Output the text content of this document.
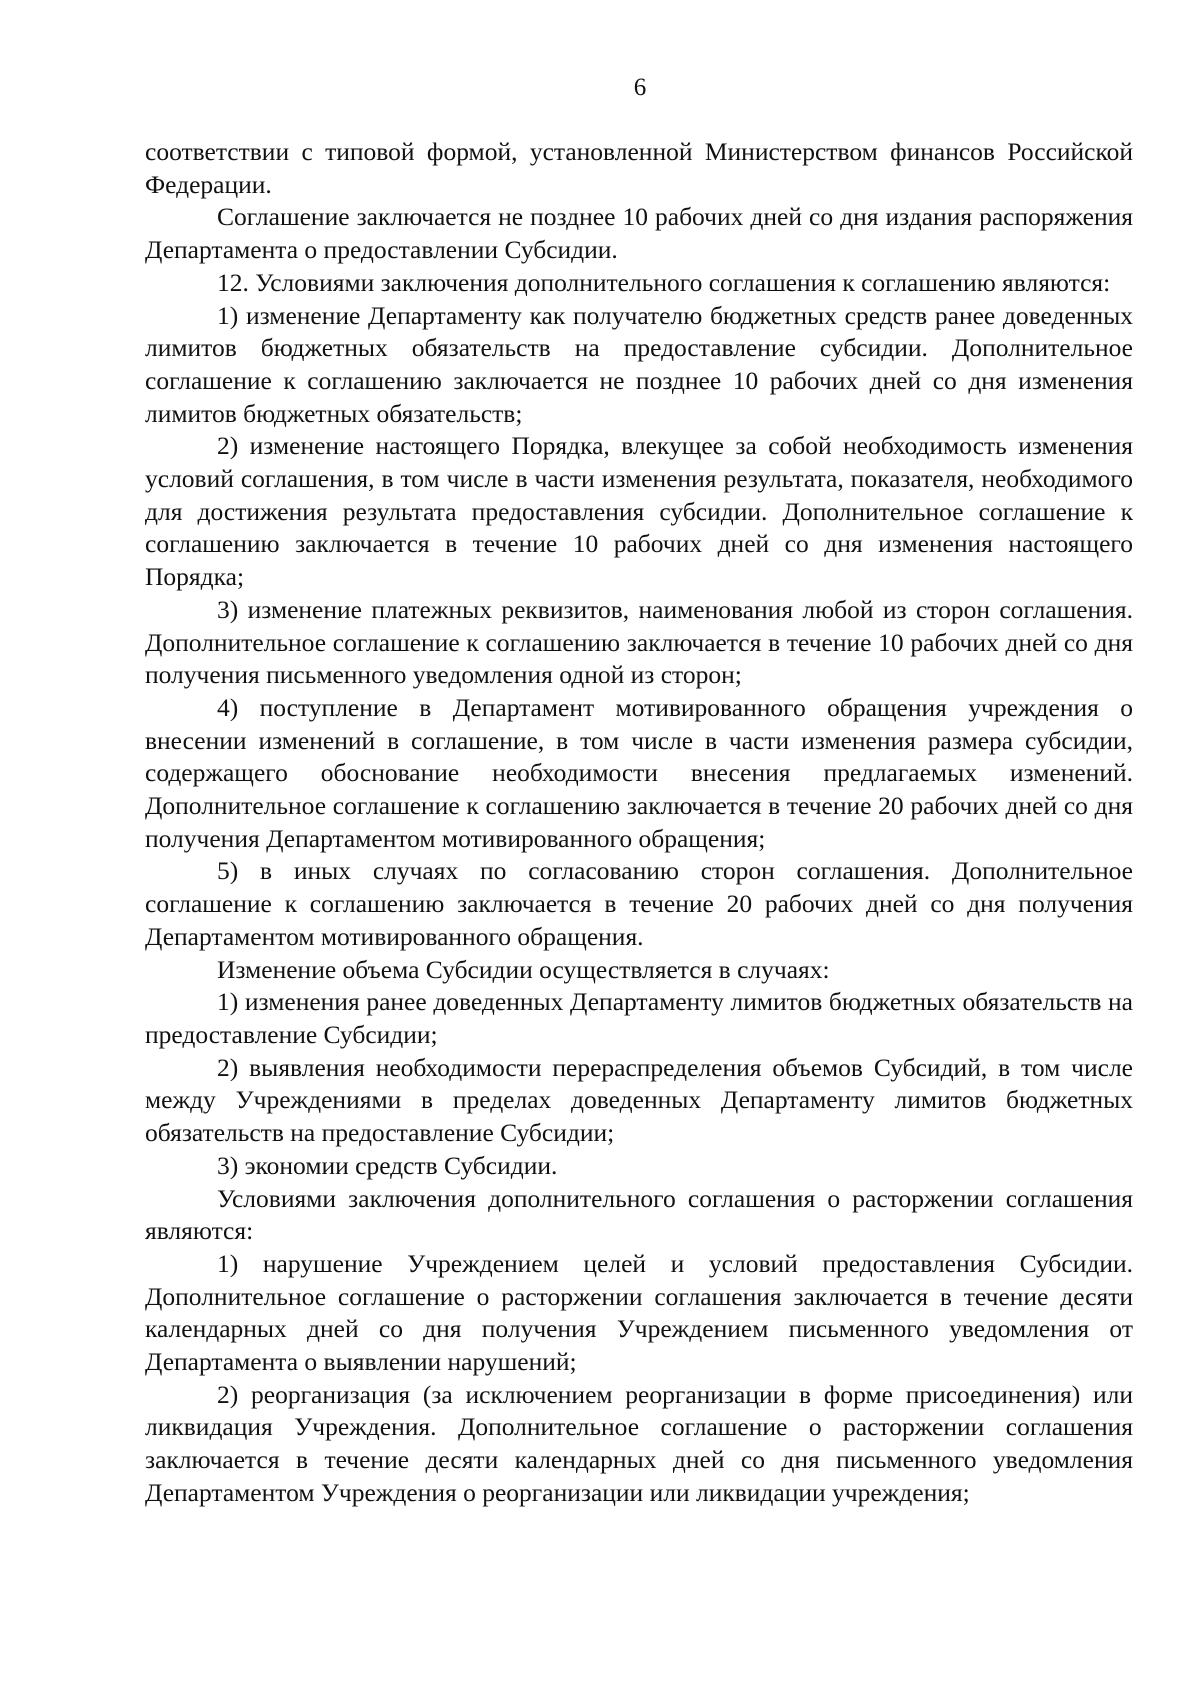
6

соответствии с типовой формой, установленной Министерством финансов Российской Федерации.

Соглашение заключается не позднее 10 рабочих дней со дня издания распоряжения Департамента о предоставлении Субсидии.

12. Условиями заключения дополнительного соглашения к соглашению являются:

1) изменение Департаменту как получателю бюджетных средств ранее доведенных лимитов бюджетных обязательств на предоставление субсидии. Дополнительное соглашение к соглашению заключается не позднее 10 рабочих дней со дня изменения лимитов бюджетных обязательств;

2) изменение настоящего Порядка, влекущее за собой необходимость изменения условий соглашения, в том числе в части изменения результата, показателя, необходимого для достижения результата предоставления субсидии. Дополнительное соглашение к соглашению заключается в течение 10 рабочих дней со дня изменения настоящего Порядка;

3) изменение платежных реквизитов, наименования любой из сторон соглашения. Дополнительное соглашение к соглашению заключается в течение 10 рабочих дней со дня получения письменного уведомления одной из сторон;

4) поступление в Департамент мотивированного обращения учреждения о внесении изменений в соглашение, в том числе в части изменения размера субсидии, содержащего обоснование необходимости внесения предлагаемых изменений. Дополнительное соглашение к соглашению заключается в течение 20 рабочих дней со дня получения Департаментом мотивированного обращения;

5) в иных случаях по согласованию сторон соглашения. Дополнительное соглашение к соглашению заключается в течение 20 рабочих дней со дня получения Департаментом мотивированного обращения.

Изменение объема Субсидии осуществляется в случаях:

1) изменения ранее доведенных Департаменту лимитов бюджетных обязательств на предоставление Субсидии;

2) выявления необходимости перераспределения объемов Субсидий, в том числе между Учреждениями в пределах доведенных Департаменту лимитов бюджетных обязательств на предоставление Субсидии;

3) экономии средств Субсидии.

Условиями заключения дополнительного соглашения о расторжении соглашения являются:

1) нарушение Учреждением целей и условий предоставления Субсидии. Дополнительное соглашение о расторжении соглашения заключается в течение десяти календарных дней со дня получения Учреждением письменного уведомления от Департамента о выявлении нарушений;

2) реорганизация (за исключением реорганизации в форме присоединения) или ликвидация Учреждения. Дополнительное соглашение о расторжении соглашения заключается в течение десяти календарных дней со дня письменного уведомления Департаментом Учреждения о реорганизации или ликвидации учреждения;
